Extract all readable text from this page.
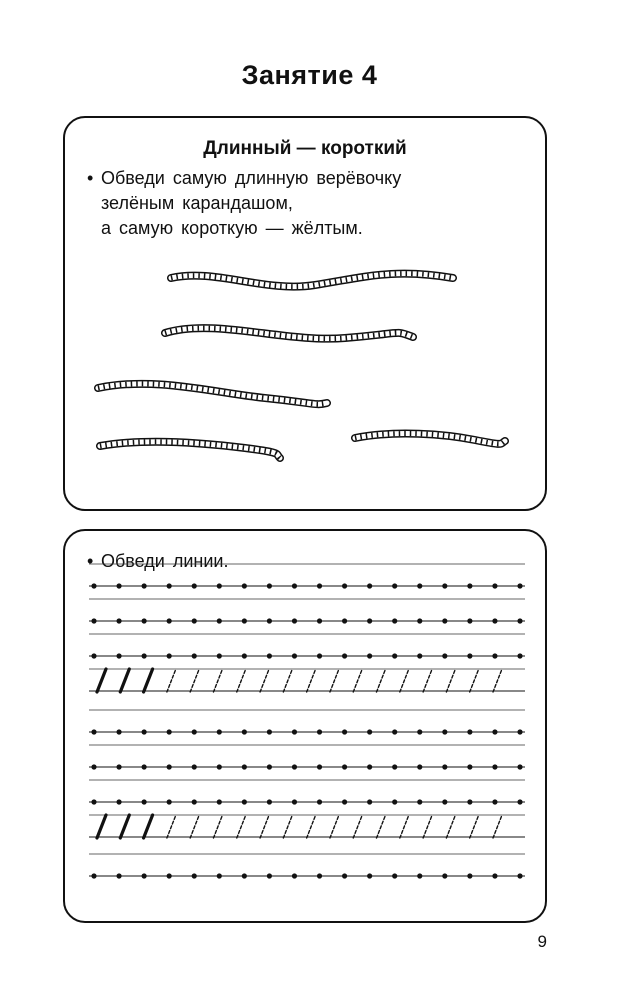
Занятие 4
Длинный — короткий
• Обведи самую длинную верёвочку
зелёным карандашом,
а самую короткую — жёлтым.
• Обведи линии.
9
